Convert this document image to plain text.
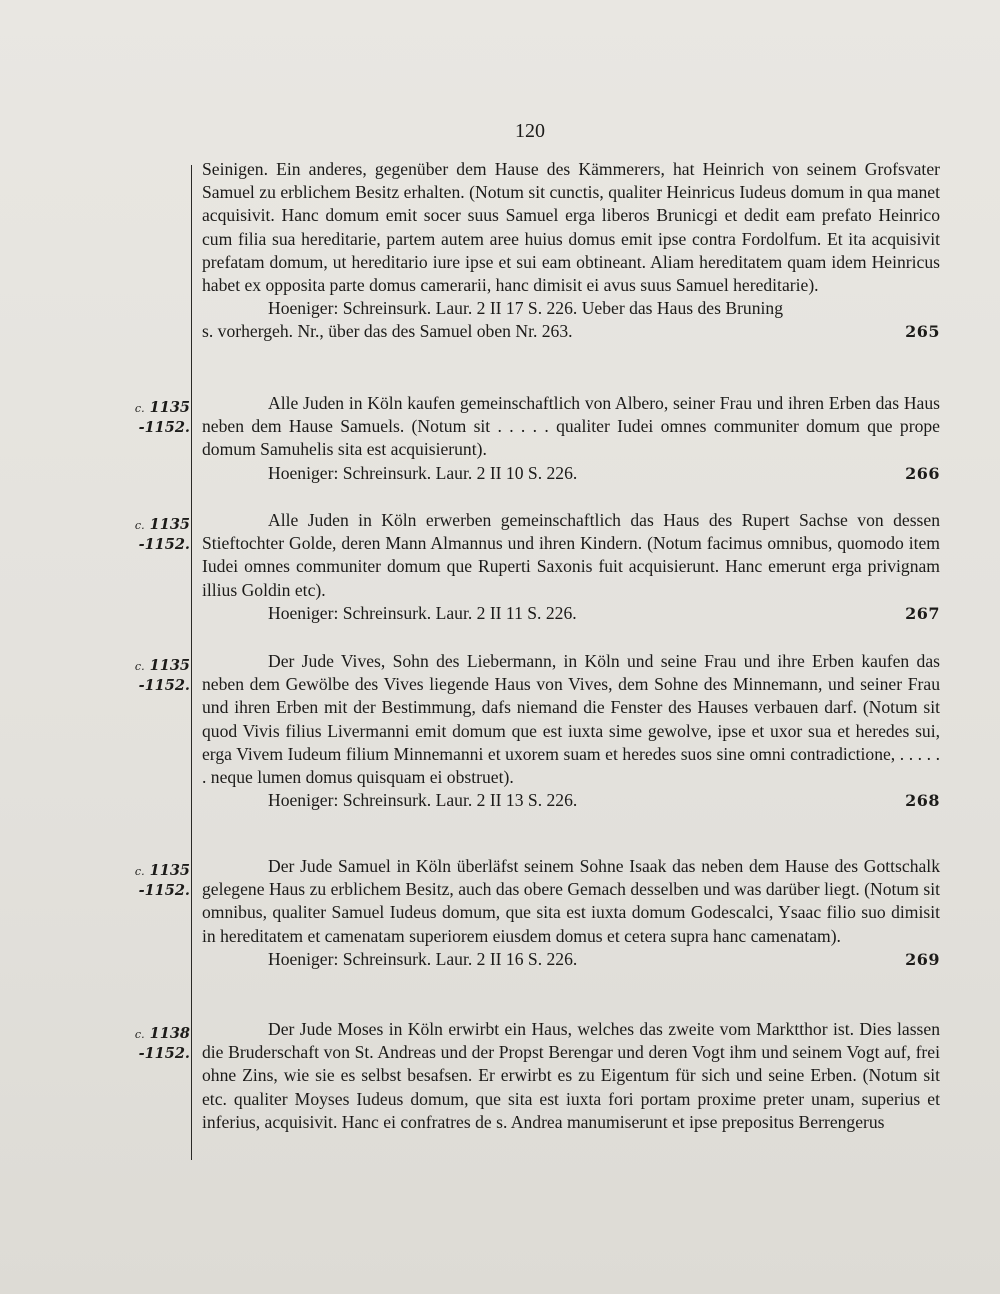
120

Seinigen. Ein anderes, gegenüber dem Hause des Kämmerers, hat Heinrich von seinem Grofsvater Samuel zu erblichem Besitz erhalten. (Notum sit cunctis, qualiter Heinricus Iudeus domum in qua manet acquisivit. Hanc domum emit socer suus Samuel erga liberos Brunicgi et dedit eam prefato Heinrico cum filia sua hereditarie, partem autem aree huius domus emit ipse contra Fordolfum. Et ita acquisivit prefatam domum, ut hereditario iure ipse et sui eam obtineant. Aliam hereditatem quam idem Heinricus habet ex opposita parte domus camerarii, hanc dimisit ei avus suus Samuel hereditarie).

Hoeniger: Schreinsurk. Laur. 2 II 17 S. 226. Ueber das Haus des Bruning

s. vorhergeh. Nr., über das des Samuel oben Nr. 263.	265

c. 1135
-1152.

Alle Juden in Köln kaufen gemeinschaftlich von Albero, seiner Frau und ihren Erben das Haus neben dem Hause Samuels. (Notum sit . . . . . qualiter Iudei omnes communiter domum que prope domum Samuhelis sita est acquisierunt).

Hoeniger: Schreinsurk. Laur. 2 II 10 S. 226.	266

c. 1135
-1152.

Alle Juden in Köln erwerben gemeinschaftlich das Haus des Rupert Sachse von dessen Stieftochter Golde, deren Mann Almannus und ihren Kindern. (Notum facimus omnibus, quomodo item Iudei omnes communiter domum que Ruperti Saxonis fuit acquisierunt. Hanc emerunt erga privignam illius Goldin etc).

Hoeniger: Schreinsurk. Laur. 2 II 11 S. 226.	267

c. 1135
-1152.

Der Jude Vives, Sohn des Liebermann, in Köln und seine Frau und ihre Erben kaufen das neben dem Gewölbe des Vives liegende Haus von Vives, dem Sohne des Minnemann, und seiner Frau und ihren Erben mit der Bestimmung, dafs niemand die Fenster des Hauses verbauen darf. (Notum sit quod Vivis filius Livermanni emit domum que est iuxta sime gewolve, ipse et uxor sua et heredes sui, erga Vivem Iudeum filium Minnemanni et uxorem suam et heredes suos sine omni contradictione, . . . . . . neque lumen domus quisquam ei obstruet).

Hoeniger: Schreinsurk. Laur. 2 II 13 S. 226.	268

c. 1135
-1152.

Der Jude Samuel in Köln überläfst seinem Sohne Isaak das neben dem Hause des Gottschalk gelegene Haus zu erblichem Besitz, auch das obere Gemach desselben und was darüber liegt. (Notum sit omnibus, qualiter Samuel Iudeus domum, que sita est iuxta domum Godescalci, Ysaac filio suo dimisit in hereditatem et camenatam superiorem eiusdem domus et cetera supra hanc camenatam).

Hoeniger: Schreinsurk. Laur. 2 II 16 S. 226.	269

c. 1138
-1152.

Der Jude Moses in Köln erwirbt ein Haus, welches das zweite vom Marktthor ist. Dies lassen die Bruderschaft von St. Andreas und der Propst Berengar und deren Vogt ihm und seinem Vogt auf, frei ohne Zins, wie sie es selbst besafsen. Er erwirbt es zu Eigentum für sich und seine Erben. (Notum sit etc. qualiter Moyses Iudeus domum, que sita est iuxta fori portam proxime preter unam, superius et inferius, acquisivit. Hanc ei confratres de s. Andrea manumiserunt et ipse prepositus Berrengerus
